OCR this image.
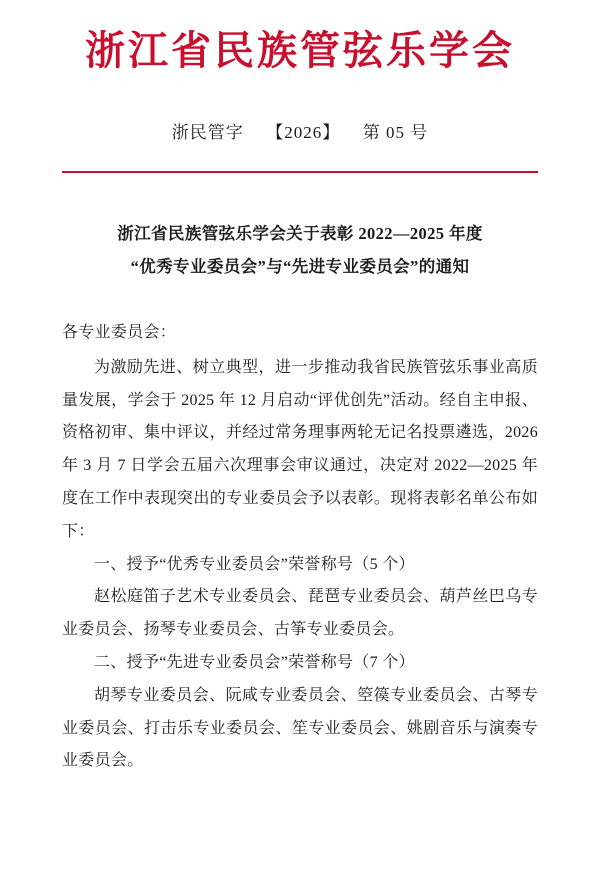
浙江省民族管弦乐学会
浙民管字 【2026】 第 05 号
浙江省民族管弦乐学会关于表彰 2022—2025 年度
“优秀专业委员会”与“先进专业委员会”的通知

各专业委员会：

为激励先进、树立典型，进一步推动我省民族管弦乐事业高质量发展，学会于 2025 年 12 月启动“评优创先”活动。经自主申报、资格初审、集中评议，并经过常务理事两轮无记名投票遴选，2026 年 3 月 7 日学会五届六次理事会审议通过，决定对 2022—2025 年度在工作中表现突出的专业委员会予以表彰。现将表彰名单公布如下：

一、授予“优秀专业委员会”荣誉称号（5 个）

赵松庭笛子艺术专业委员会、琵琶专业委员会、葫芦丝巴乌专业委员会、扬琴专业委员会、古筝专业委员会。

二、授予“先进专业委员会”荣誉称号（7 个）

胡琴专业委员会、阮咸专业委员会、箜篌专业委员会、古琴专业委员会、打击乐专业委员会、笙专业委员会、姚剧音乐与演奏专业委员会。
